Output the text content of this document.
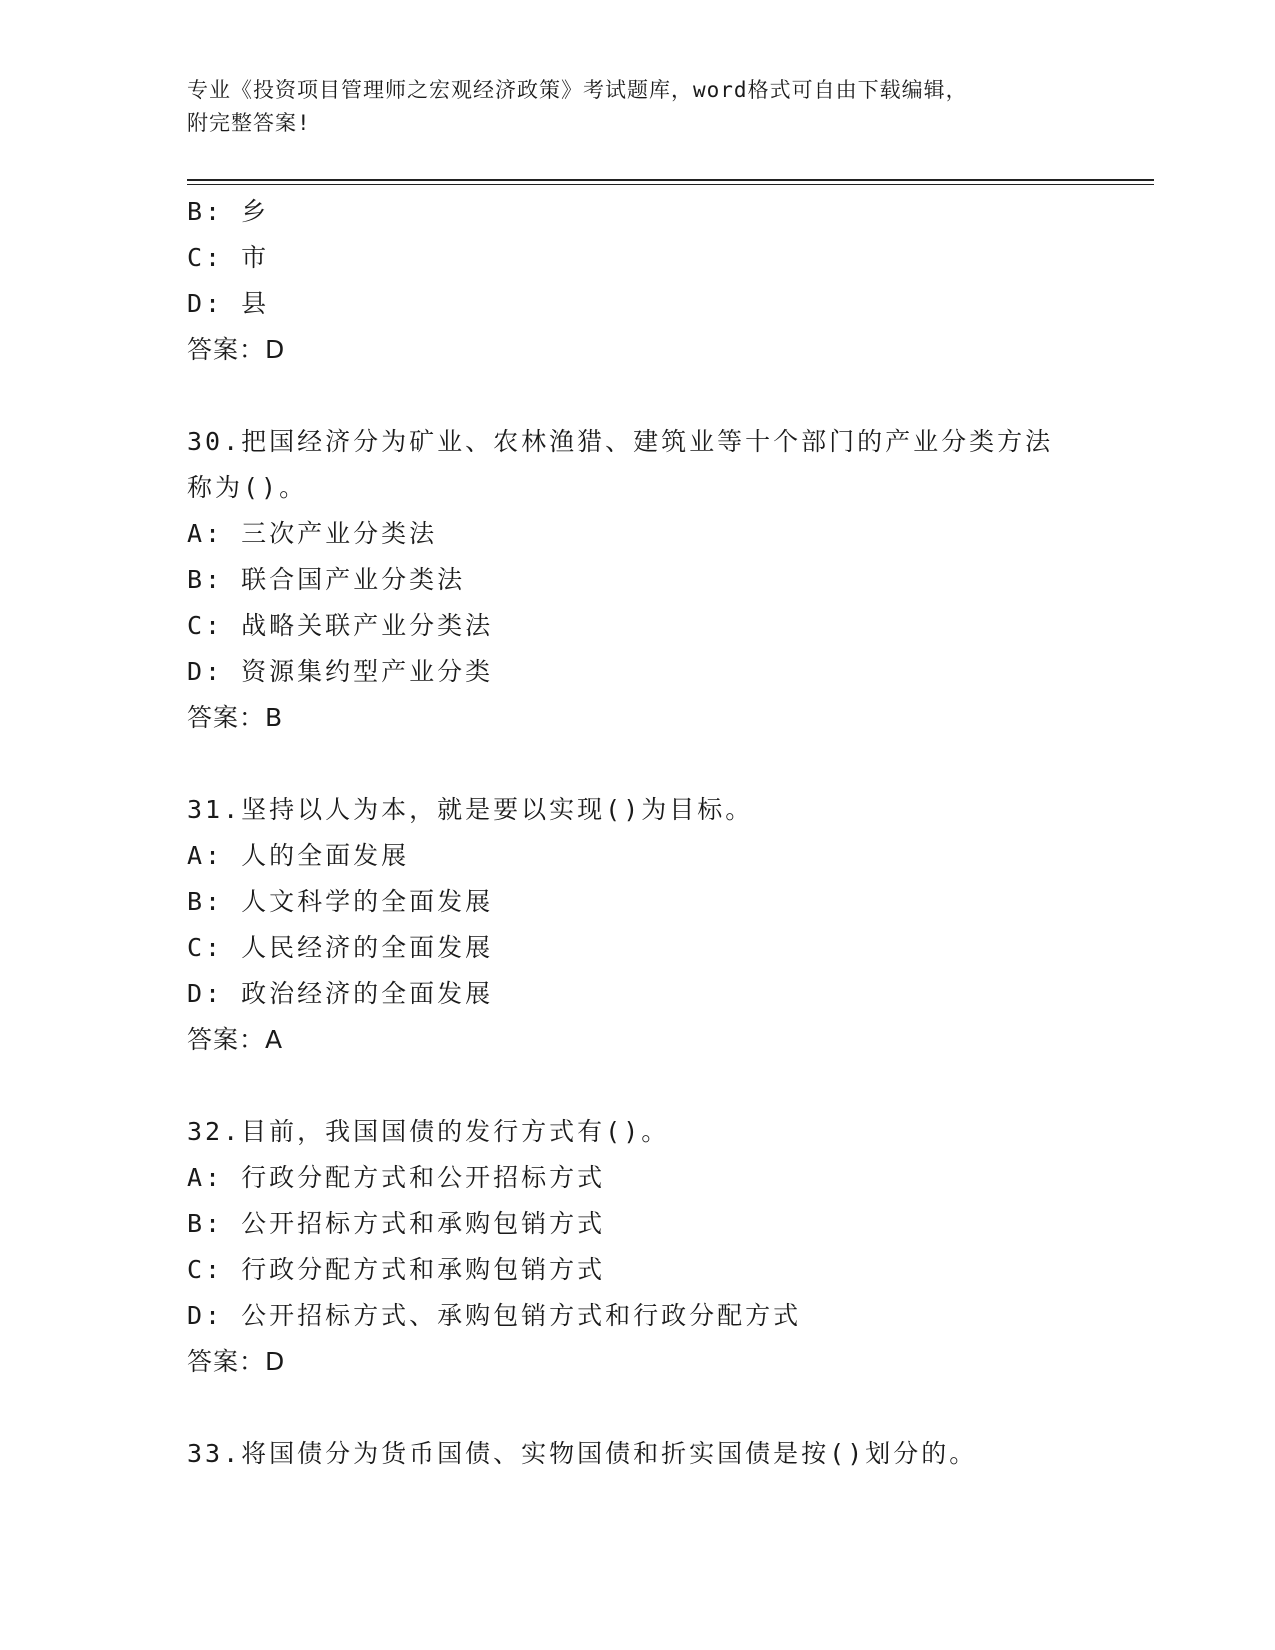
专业《投资项目管理师之宏观经济政策》考试题库，word格式可自由下载编辑，
附完整答案!
B: 乡
C: 市
D: 县
答案：D
30.把国经济分为矿业、农林渔猎、建筑业等十个部门的产业分类方法
称为()。
A: 三次产业分类法
B: 联合国产业分类法
C: 战略关联产业分类法
D: 资源集约型产业分类
答案：B
31.坚持以人为本，就是要以实现()为目标。
A: 人的全面发展
B: 人文科学的全面发展
C: 人民经济的全面发展
D: 政治经济的全面发展
答案：A
32.目前，我国国债的发行方式有()。
A: 行政分配方式和公开招标方式
B: 公开招标方式和承购包销方式
C: 行政分配方式和承购包销方式
D: 公开招标方式、承购包销方式和行政分配方式
答案：D
33.将国债分为货币国债、实物国债和折实国债是按()划分的。
